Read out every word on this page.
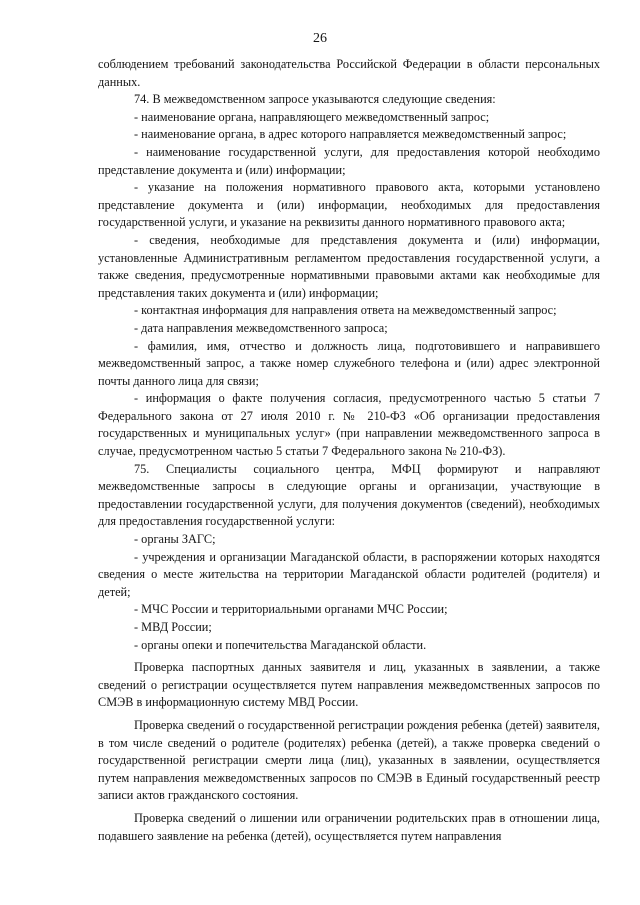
26

соблюдением требований законодательства Российской Федерации в области персональных данных.

74. В межведомственном запросе указываются следующие сведения:

- наименование органа, направляющего межведомственный запрос;

- наименование органа, в адрес которого направляется межведомственный запрос;

- наименование государственной услуги, для предоставления которой необходимо представление документа и (или) информации;

- указание на положения нормативного правового акта, которыми установлено представление документа и (или) информации, необходимых для предоставления государственной услуги, и указание на реквизиты данного нормативного правового акта;

- сведения, необходимые для представления документа и (или) информации, установленные Административным регламентом предоставления государственной услуги, а также сведения, предусмотренные нормативными правовыми актами как необходимые для представления таких документа и (или) информации;

- контактная информация для направления ответа на межведомственный запрос;

- дата направления межведомственного запроса;

- фамилия, имя, отчество и должность лица, подготовившего и направившего межведомственный запрос, а также номер служебного телефона и (или) адрес электронной почты данного лица для связи;

- информация о факте получения согласия, предусмотренного частью 5 статьи 7 Федерального закона от 27 июля 2010 г. № 210-ФЗ «Об организации предоставления государственных и муниципальных услуг» (при направлении межведомственного запроса в случае, предусмотренном частью 5 статьи 7 Федерального закона № 210-ФЗ).

75. Специалисты социального центра, МФЦ формируют и направляют межведомственные запросы в следующие органы и организации, участвующие в предоставлении государственной услуги, для получения документов (сведений), необходимых для предоставления государственной услуги:

- органы ЗАГС;

- учреждения и организации Магаданской области, в распоряжении которых находятся сведения о месте жительства на территории Магаданской области родителей (родителя) и детей;

- МЧС России и территориальными органами МЧС России;

- МВД России;

- органы опеки и попечительства Магаданской области.

Проверка паспортных данных заявителя и лиц, указанных в заявлении, а также сведений о регистрации осуществляется путем направления межведомственных запросов по СМЭВ в информационную систему МВД России.

Проверка сведений о государственной регистрации рождения ребенка (детей) заявителя, в том числе сведений о родителе (родителях) ребенка (детей), а также проверка сведений о государственной регистрации смерти лица (лиц), указанных в заявлении, осуществляется путем направления межведомственных запросов по СМЭВ в Единый государственный реестр записи актов гражданского состояния.

Проверка сведений о лишении или ограничении родительских прав в отношении лица, подавшего заявление на ребенка (детей), осуществляется путем направления
